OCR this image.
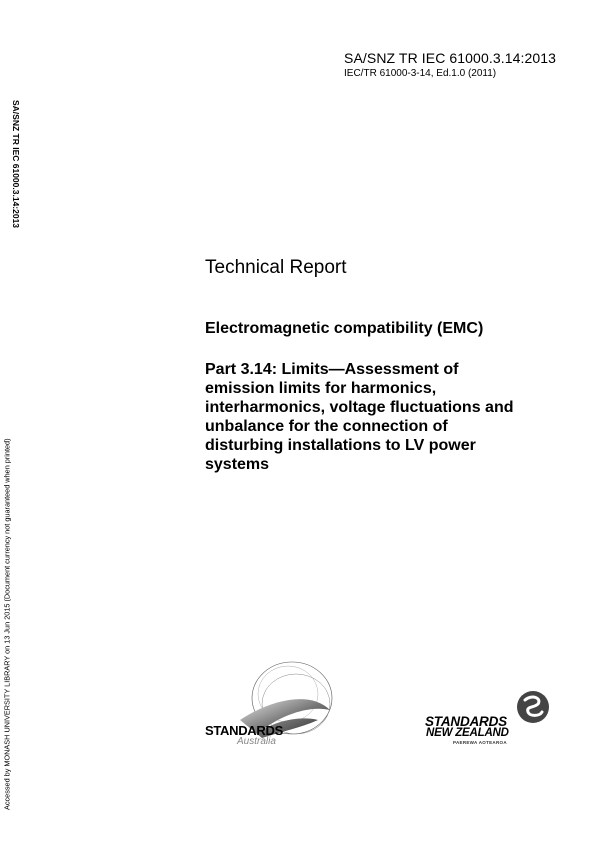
SA/SNZ TR IEC 61000.3.14:2013
IEC/TR 61000-3-14, Ed.1.0 (2011)
SA/SNZ TR IEC 61000.3.14:2013
Accessed by MONASH UNIVERSITY LIBRARY on 13 Jun 2015 (Document currency not guaranteed when printed)
Technical Report
Electromagnetic compatibility (EMC)
Part 3.14: Limits—Assessment of
emission limits for harmonics,
interharmonics, voltage fluctuations and
unbalance for the connection of
disturbing installations to LV power
systems
STANDARDS
Australia
STANDARDS
NEW ZEALAND
PAEREWA AOTEAROA
